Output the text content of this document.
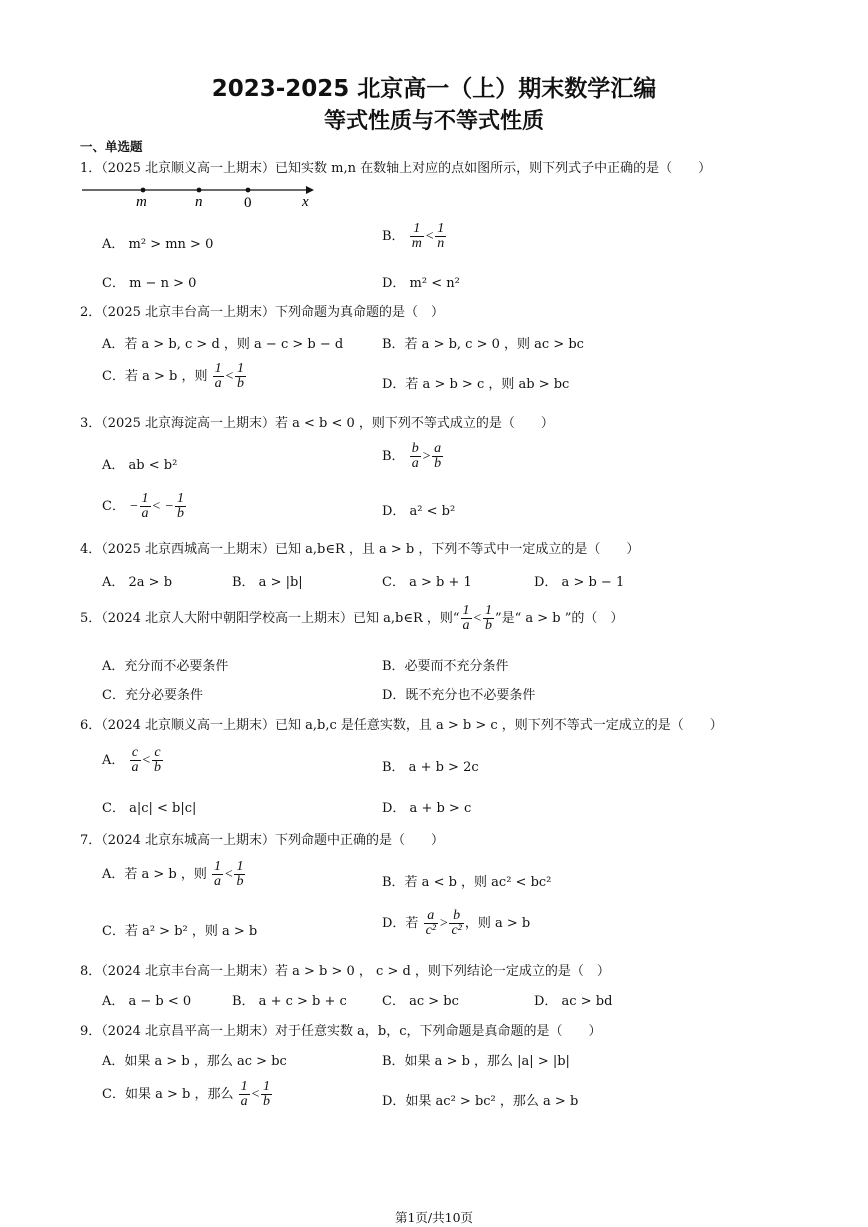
2023-2025 北京高一（上）期末数学汇编
等式性质与不等式性质
一、单选题
1．（2025 北京顺义高一上期末）已知实数 m,n 在数轴上对应的点如图所示，则下列式子中正确的是（　　）
m	n	0	x
A． m² > mn > 0
B． $\frac{1}{m} < \frac{1}{n}$
C． m − n > 0	D． m² < n²
2．（2025 北京丰台高一上期末）下列命题为真命题的是（　）
A．若 a > b, c > d ，则 a − c > b − d	B．若 a > b, c > 0 ，则 ac > bc
C．若 a > b ，则 $\frac{1}{a} < \frac{1}{b}$	D．若 a > b > c ，则 ab > bc
3．（2025 北京海淀高一上期末）若 a < b < 0 ，则下列不等式成立的是（　　）
A． ab < b²
B． $\frac{b}{a} > \frac{a}{b}$
C． − $\frac{1}{a}$ < − $\frac{1}{b}$	D． a² < b²
4．（2025 北京西城高一上期末）已知 a,b∈R ，且 a > b ，下列不等式中一定成立的是（　　）
A． 2a > b	B． a > |b|	C． a > b + 1	D． a > b − 1
5．（2024 北京人大附中朝阳学校高一上期末）已知 a,b∈R ，则“ $\frac{1}{a} < \frac{1}{b}$ ”是“ a > b ”的（　）
A．充分而不必要条件	B．必要而不充分条件
C．充分必要条件	D．既不充分也不必要条件
6．（2024 北京顺义高一上期末）已知 a,b,c 是任意实数，且 a > b > c ，则下列不等式一定成立的是（　　）
A． $\frac{c}{a} < \frac{c}{b}$	B． a + b > 2c
C． a|c| < b|c|	D． a + b > c
7．（2024 北京东城高一上期末）下列命题中正确的是（　　）
A．若 a > b ，则 $\frac{1}{a} < \frac{1}{b}$	B．若 a < b ，则 ac² < bc²
C．若 a² > b² ，则 a > b
D．若 $\frac{a}{\text{c²}} > \frac{b}{\text{c²}}$ ，则 a > b
8．（2024 北京丰台高一上期末）若 a > b > 0 ， c > d ，则下列结论一定成立的是（　）
A． a − b < 0	B． a + c > b + c	C． ac > bc	D． ac > bd
9．（2024 北京昌平高一上期末）对于任意实数 a，b，c，下列命题是真命题的是（　　）
A．如果 a > b ，那么 ac > bc	B．如果 a > b ，那么 |a| > |b|
C．如果 a > b ，那么 $\frac{1}{a} < \frac{1}{b}$	D．如果 ac² > bc² ，那么 a > b
第1页/共10页
